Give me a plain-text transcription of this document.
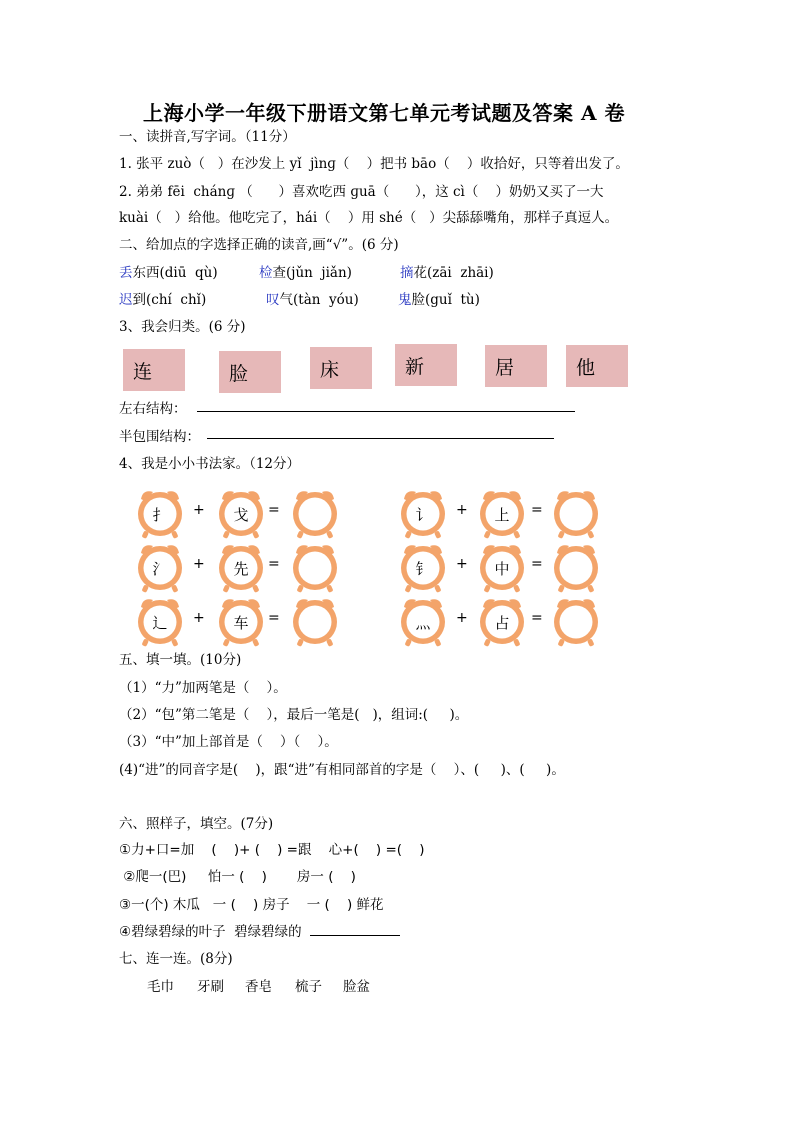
上海小学一年级下册语文第七单元考试题及答案 A 卷
一、读拼音,写字词。（11分）
1. 张平 zuò（   ）在沙发上 yǐ  jìnɡ（    ）把书 bāo（    ）收拾好，只等着出发了。
2. 弟弟 fēi  chánɡ （      ）喜欢吃西 ɡuā（      ），这 cì（    ）奶奶又买了一大
kuài（   ）给他。他吃完了，hái（    ）用 shé（   ）尖舔舔嘴角，那样子真逗人。
二、给加点的字选择正确的读音,画“√”。(6 分)
丢东西(diū  qù)	检查(jǔn  jiǎn)	摘花(zāi  zhāi)
迟到(chí  chǐ)	叹气(tàn  yóu)	鬼脸(guǐ  tù)
3、我会归类。(6 分)
连	脸	床	新	居	他
左右结构：
半包围结构：
4、我是小小书法家。（12分）
扌	戈
+	=
氵	先
+	=
辶	车
+	=
讠	上
+	=
钅	中
+	=
灬	占
+	=
五、填一填。(10分)
（1）“力”加两笔是（    ）。
（2）“包”第二笔是（    ），最后一笔是(   )，组词:(     )。
（3）“中”加上部首是（    ）（    ）。
(4)“进”的同音字是(    )，跟“进”有相同部首的字是（    ）、(     )、(     )。
六、照样子，填空。(7分)
①力+口=加    (    )+ (    ) =跟    心+(    ) =(    )
②爬一(巴)     怕一 (    )       房一 (    )
③一(个) 木瓜   一 (    ) 房子    一 (    ) 鲜花
④碧绿碧绿的叶子  碧绿碧绿的
七、连一连。(8分)
毛巾 牙刷 香皂 梳子 脸盆
